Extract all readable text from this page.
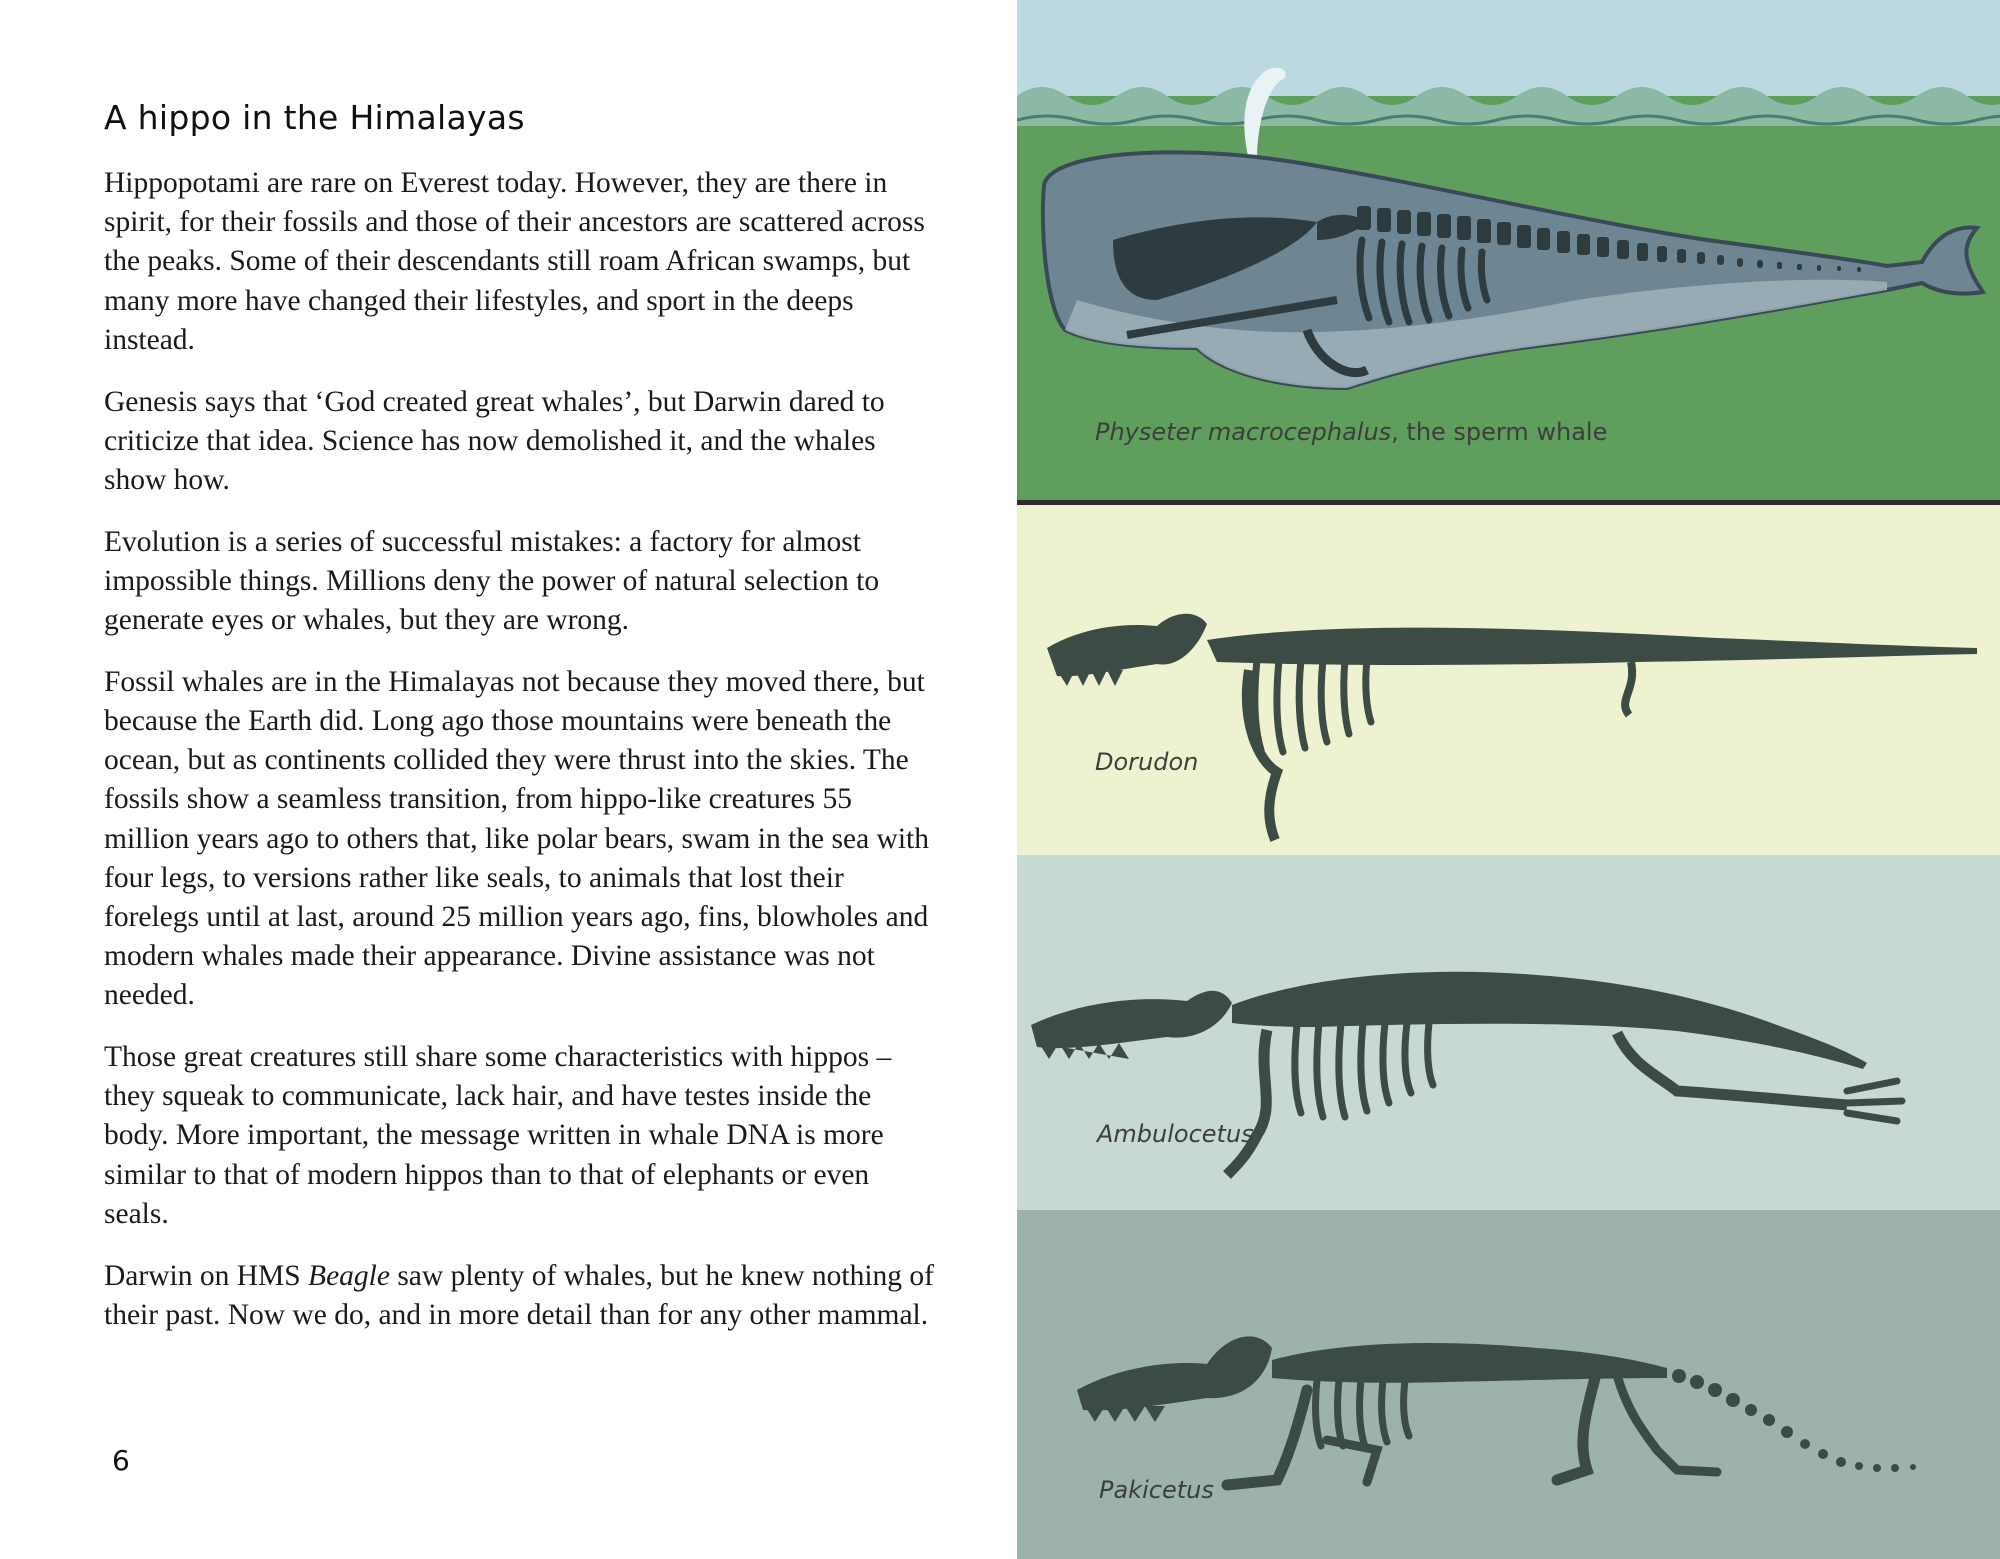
A hippo in the Himalayas

Hippopotami are rare on Everest today. However, they are there in spirit, for their fossils and those of their ancestors are scattered across the peaks. Some of their descendants still roam African swamps, but many more have changed their lifestyles, and sport in the deeps instead.

Genesis says that ‘God created great whales’, but Darwin dared to criticize that idea. Science has now demolished it, and the whales show how.

Evolution is a series of successful mistakes: a factory for almost impossible things. Millions deny the power of natural selection to generate eyes or whales, but they are wrong.

Fossil whales are in the Himalayas not because they moved there, but because the Earth did. Long ago those mountains were beneath the ocean, but as continents collided they were thrust into the skies. The fossils show a seamless transition, from hippo-like creatures 55 million years ago to others that, like polar bears, swam in the sea with four legs, to versions rather like seals, to animals that lost their forelegs until at last, around 25 million years ago, fins, blowholes and modern whales made their appearance. Divine assistance was not needed.

Those great creatures still share some characteristics with hippos – they squeak to communicate, lack hair, and have testes inside the body. More important, the message written in whale DNA is more similar to that of modern hippos than to that of elephants or even seals.

Darwin on HMS Beagle saw plenty of whales, but he knew nothing of their past. Now we do, and in more detail than for any other mammal.

6
Physeter macrocephalus, the sperm whale
Dorudon
Ambulocetus
Pakicetus
